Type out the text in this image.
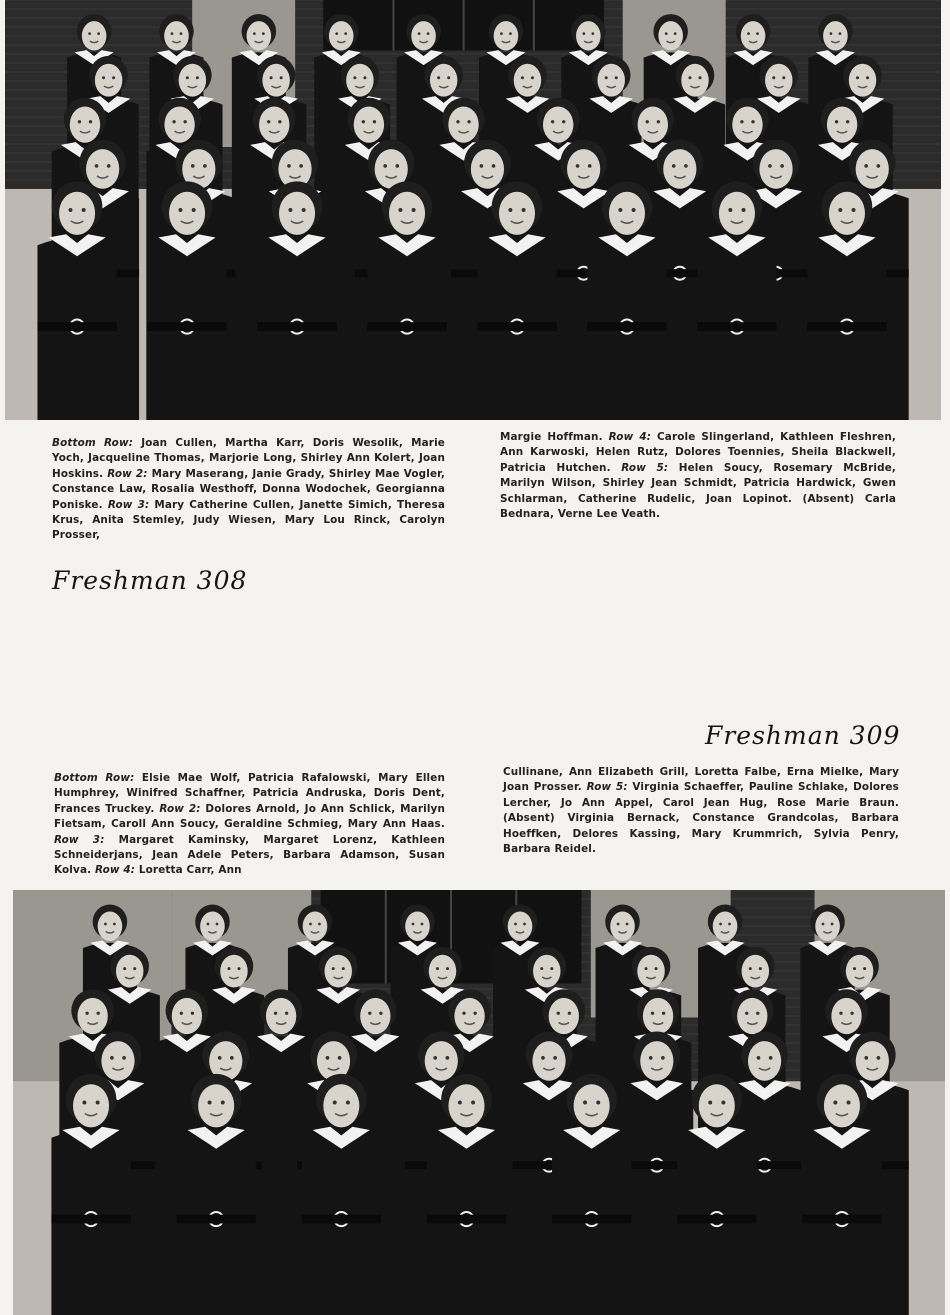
Bottom Row: Joan Cullen, Martha Karr, Doris Wesolik, Marie Yoch, Jacqueline Thomas, Marjorie Long, Shirley Ann Kolert, Joan Hoskins. Row 2: Mary Maserang, Janie Grady, Shirley Mae Vogler, Constance Law, Rosalia Westhoff, Donna Wodochek, Georgianna Poniske. Row 3: Mary Catherine Cullen, Janette Simich, Theresa Krus, Anita Stemley, Judy Wiesen, Mary Lou Rinck, Carolyn Prosser,

Margie Hoffman. Row 4: Carole Slingerland, Kathleen Fleshren, Ann Karwoski, Helen Rutz, Dolores Toennies, Sheila Blackwell, Patricia Hutchen. Row 5: Helen Soucy, Rosemary McBride, Marilyn Wilson, Shirley Jean Schmidt, Patricia Hardwick, Gwen Schlarman, Catherine Rudelic, Joan Lopinot. (Absent) Carla Bednara, Verne Lee Veath.

Freshman 308
Freshman 309

Bottom Row: Elsie Mae Wolf, Patricia Rafalowski, Mary Ellen Humphrey, Winifred Schaffner, Patricia Andruska, Doris Dent, Frances Truckey. Row 2: Dolores Arnold, Jo Ann Schlick, Marilyn Fietsam, Caroll Ann Soucy, Geraldine Schmieg, Mary Ann Haas. Row 3: Margaret Kaminsky, Margaret Lorenz, Kathleen Schneiderjans, Jean Adele Peters, Barbara Adamson, Susan Kolva. Row 4: Loretta Carr, Ann

Cullinane, Ann Elizabeth Grill, Loretta Falbe, Erna Mielke, Mary Joan Prosser. Row 5: Virginia Schaeffer, Pauline Schlake, Dolores Lercher, Jo Ann Appel, Carol Jean Hug, Rose Marie Braun. (Absent) Virginia Bernack, Constance Grandcolas, Barbara Hoeffken, Delores Kassing, Mary Krummrich, Sylvia Penry, Barbara Reidel.
